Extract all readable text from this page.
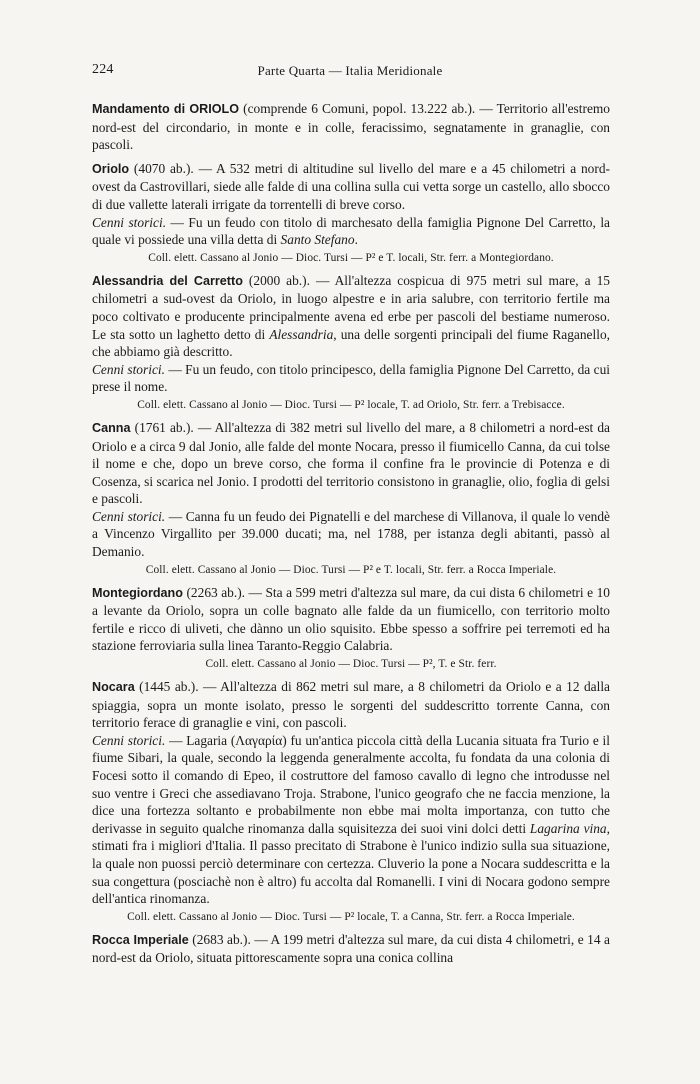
224	Parte Quarta — Italia Meridionale

Mandamento di ORIOLO (comprende 6 Comuni, popol. 13.222 ab.). — Territorio all'estremo nord-est del circondario, in monte e in colle, feracissimo, segnatamente in granaglie, con pascoli.

Oriolo (4070 ab.). — A 532 metri di altitudine sul livello del mare e a 45 chilometri a nord-ovest da Castrovillari, siede alle falde di una collina sulla cui vetta sorge un castello, allo sbocco di due vallette laterali irrigate da torrentelli di breve corso.

Cenni storici. — Fu un feudo con titolo di marchesato della famiglia Pignone Del Carretto, la quale vi possiede una villa detta di Santo Stefano.

Coll. elett. Cassano al Jonio — Dioc. Tursi — P² e T. locali, Str. ferr. a Montegiordano.

Alessandria del Carretto (2000 ab.). — All'altezza cospicua di 975 metri sul mare, a 15 chilometri a sud-ovest da Oriolo, in luogo alpestre e in aria salubre, con territorio fertile ma poco coltivato e producente principalmente avena ed erbe per pascoli del bestiame numeroso. Le sta sotto un laghetto detto di Alessandria, una delle sorgenti principali del fiume Raganello, che abbiamo già descritto.

Cenni storici. — Fu un feudo, con titolo principesco, della famiglia Pignone Del Carretto, da cui prese il nome.

Coll. elett. Cassano al Jonio — Dioc. Tursi — P² locale, T. ad Oriolo, Str. ferr. a Trebisacce.

Canna (1761 ab.). — All'altezza di 382 metri sul livello del mare, a 8 chilometri a nord-est da Oriolo e a circa 9 dal Jonio, alle falde del monte Nocara, presso il fiumicello Canna, da cui tolse il nome e che, dopo un breve corso, che forma il confine fra le provincie di Potenza e di Cosenza, si scarica nel Jonio. I prodotti del territorio consistono in granaglie, olio, foglia di gelsi e pascoli.

Cenni storici. — Canna fu un feudo dei Pignatelli e del marchese di Villanova, il quale lo vendè a Vincenzo Virgallito per 39.000 ducati; ma, nel 1788, per istanza degli abitanti, passò al Demanio.

Coll. elett. Cassano al Jonio — Dioc. Tursi — P² e T. locali, Str. ferr. a Rocca Imperiale.

Montegiordano (2263 ab.). — Sta a 599 metri d'altezza sul mare, da cui dista 6 chilometri e 10 a levante da Oriolo, sopra un colle bagnato alle falde da un fiumicello, con territorio molto fertile e ricco di uliveti, che dànno un olio squisito. Ebbe spesso a soffrire pei terremoti ed ha stazione ferroviaria sulla linea Taranto-Reggio Calabria.

Coll. elett. Cassano al Jonio — Dioc. Tursi — P², T. e Str. ferr.

Nocara (1445 ab.). — All'altezza di 862 metri sul mare, a 8 chilometri da Oriolo e a 12 dalla spiaggia, sopra un monte isolato, presso le sorgenti del suddescritto torrente Canna, con territorio ferace di granaglie e vini, con pascoli.

Cenni storici. — Lagaria (Λαγαρία) fu un'antica piccola città della Lucania situata fra Turio e il fiume Sibari, la quale, secondo la leggenda generalmente accolta, fu fondata da una colonia di Focesi sotto il comando di Epeo, il costruttore del famoso cavallo di legno che introdusse nel suo ventre i Greci che assediavano Troja. Strabone, l'unico geografo che ne faccia menzione, la dice una fortezza soltanto e probabilmente non ebbe mai molta importanza, con tutto che derivasse in seguito qualche rinomanza dalla squisitezza dei suoi vini dolci detti Lagarina vina, stimati fra i migliori d'Italia. Il passo precitato di Strabone è l'unico indizio sulla sua situazione, la quale non puossi perciò determinare con certezza. Cluverio la pone a Nocara suddescritta e la sua congettura (posciachè non è altro) fu accolta dal Romanelli. I vini di Nocara godono sempre dell'antica rinomanza.

Coll. elett. Cassano al Jonio — Dioc. Tursi — P² locale, T. a Canna, Str. ferr. a Rocca Imperiale.

Rocca Imperiale (2683 ab.). — A 199 metri d'altezza sul mare, da cui dista 4 chilometri, e 14 a nord-est da Oriolo, situata pittorescamente sopra una conica collina
